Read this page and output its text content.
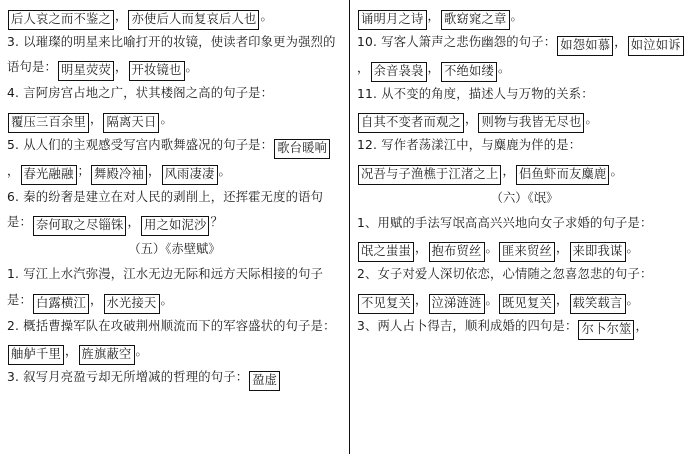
后人哀之而不鉴之 ， 亦使后人而复哀后人也 。
3. 以璀璨的明星来比喻打开的妆镜，使读者印象更为强烈的语句是： 明星荧荧 ， 开妆镜也 。
4. 言阿房宫占地之广，状其楼阁之高的句子是：覆压三百余里 ， 隔离天日 。
5. 从人们的主观感受写宫内歌舞盛况的句子是： 歌台暖响， 春光融融 ； 舞殿冷袖 ， 风雨凄凄 。
6. 秦的纷奢是建立在对人民的剥削上，还挥霍无度的语句是： 奈何取之尽锱铢 ， 用之如泥沙 ？
（五）《赤壁赋》
1. 写江上水汽弥漫，江水无边无际和远方天际相接的句子是： 白露横江 ， 水光接天 。
2. 概括曹操军队在攻破荆州顺流而下的军容盛状的句子是：舳舻千里 ， 旌旗蔽空 。
3. 叙写月亮盈亏却无所增减的哲理的句子： 盈虚
诵明月之诗 ， 歌窈窕之章 。
10. 写客人箫声之悲伤幽怨的句子： 如怨如慕 ， 如泣如诉， 余音袅袅 ， 不绝如缕 。
11. 从不变的角度，描述人与万物的关系：自其不变者而观之 ， 则物与我皆无尽也 。
12. 写作者荡漾江中，与麋鹿为伴的是：况吾与子渔樵于江渚之上 ， 侣鱼虾而友麋鹿 。
（六）《氓》
1、用赋的手法写氓高高兴兴地向女子求婚的句子是：氓之蚩蚩 ， 抱布贸丝 。 匪来贸丝 ， 来即我谋 。
2、女子对爱人深切依恋，心情随之忽喜忽悲的句子：不见复关 ， 泣涕涟涟 。 既见复关 ， 载笑载言 。
3、两人占卜得吉，顺利成婚的四句是： 尔卜尔筮 ，
